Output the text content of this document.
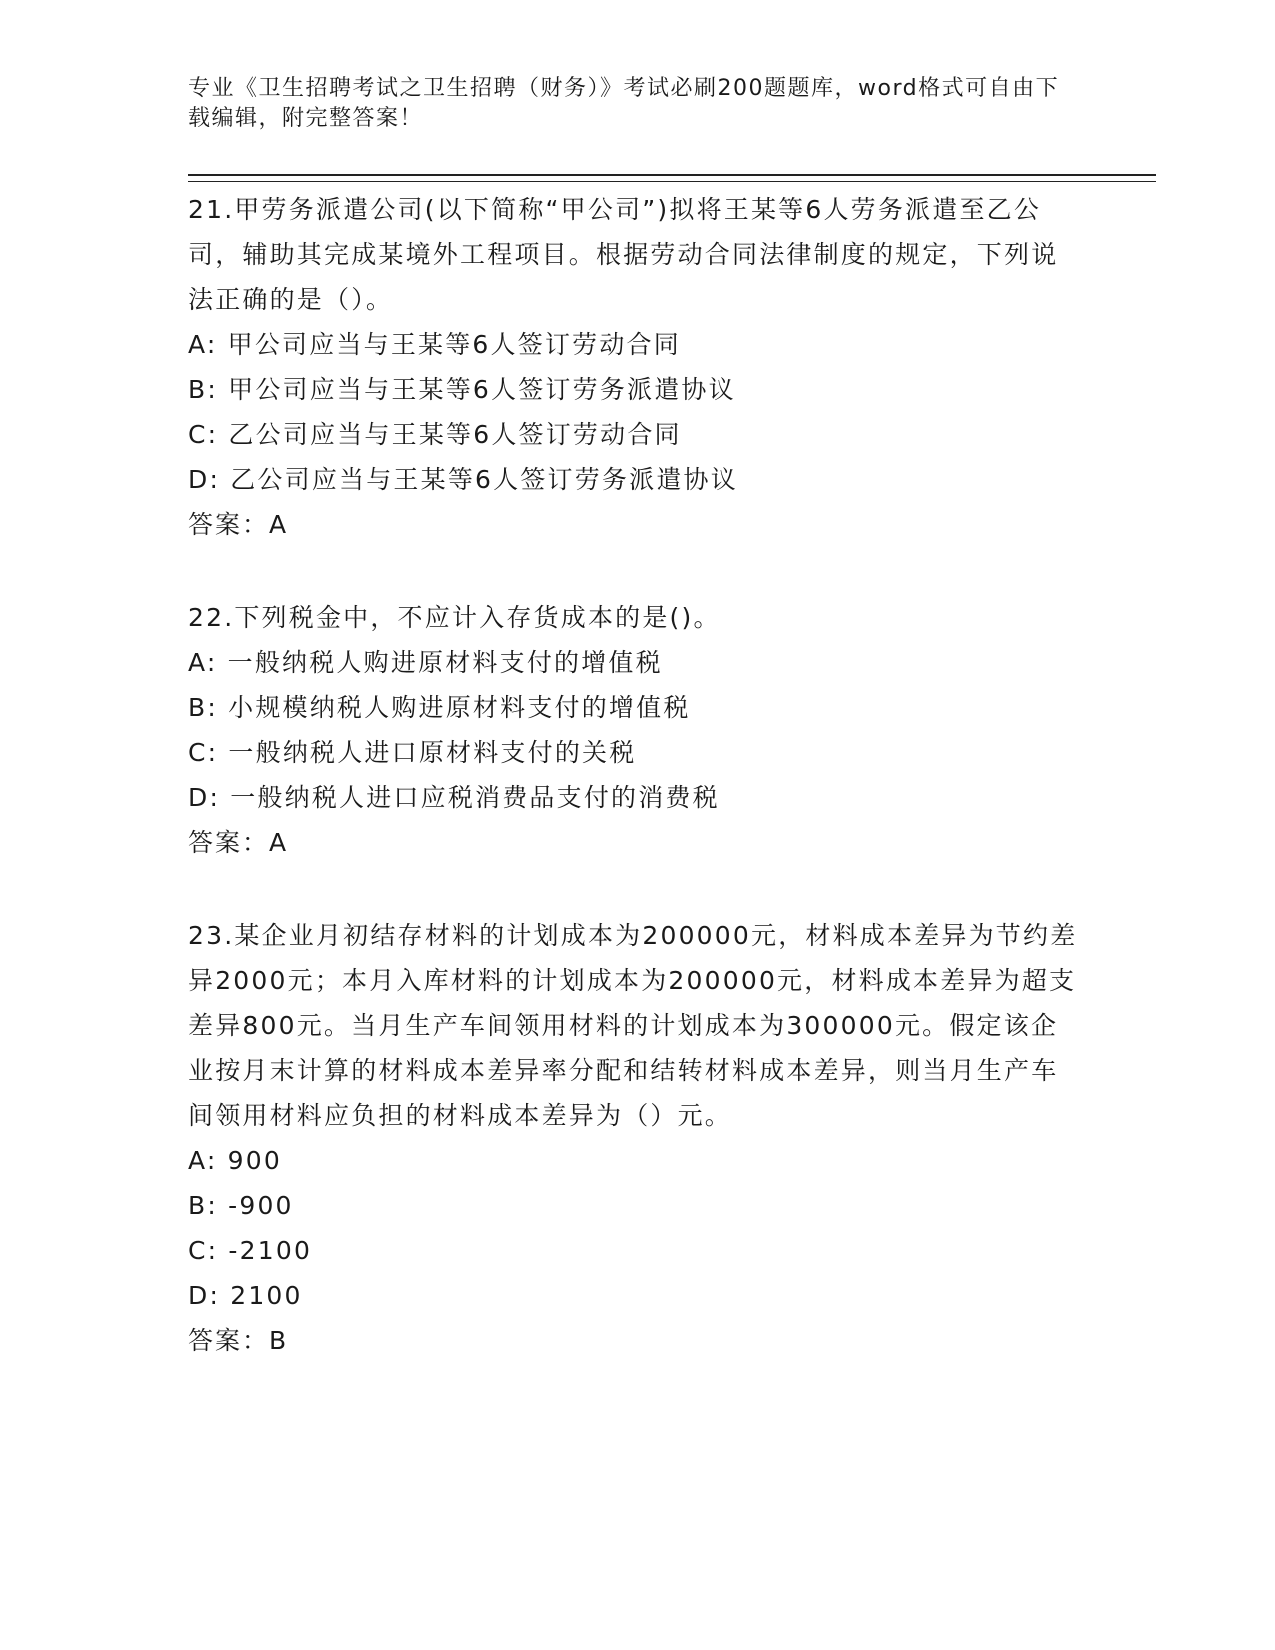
专业《卫生招聘考试之卫生招聘（财务）》考试必刷200题题库，word格式可自由下载编辑，附完整答案！
21.甲劳务派遣公司(以下简称“甲公司”)拟将王某等6人劳务派遣至乙公司，辅助其完成某境外工程项目。根据劳动合同法律制度的规定，下列说法正确的是（）。
A: 甲公司应当与王某等6人签订劳动合同
B: 甲公司应当与王某等6人签订劳务派遣协议
C: 乙公司应当与王某等6人签订劳动合同
D: 乙公司应当与王某等6人签订劳务派遣协议
答案：A
22.下列税金中，不应计入存货成本的是()。
A: 一般纳税人购进原材料支付的增值税
B: 小规模纳税人购进原材料支付的增值税
C: 一般纳税人进口原材料支付的关税
D: 一般纳税人进口应税消费品支付的消费税
答案：A
23.某企业月初结存材料的计划成本为200000元，材料成本差异为节约差异2000元；本月入库材料的计划成本为200000元，材料成本差异为超支差异800元。当月生产车间领用材料的计划成本为300000元。假定该企业按月末计算的材料成本差异率分配和结转材料成本差异，则当月生产车间领用材料应负担的材料成本差异为（）元。
A: 900
B: -900
C: -2100
D: 2100
答案：B
